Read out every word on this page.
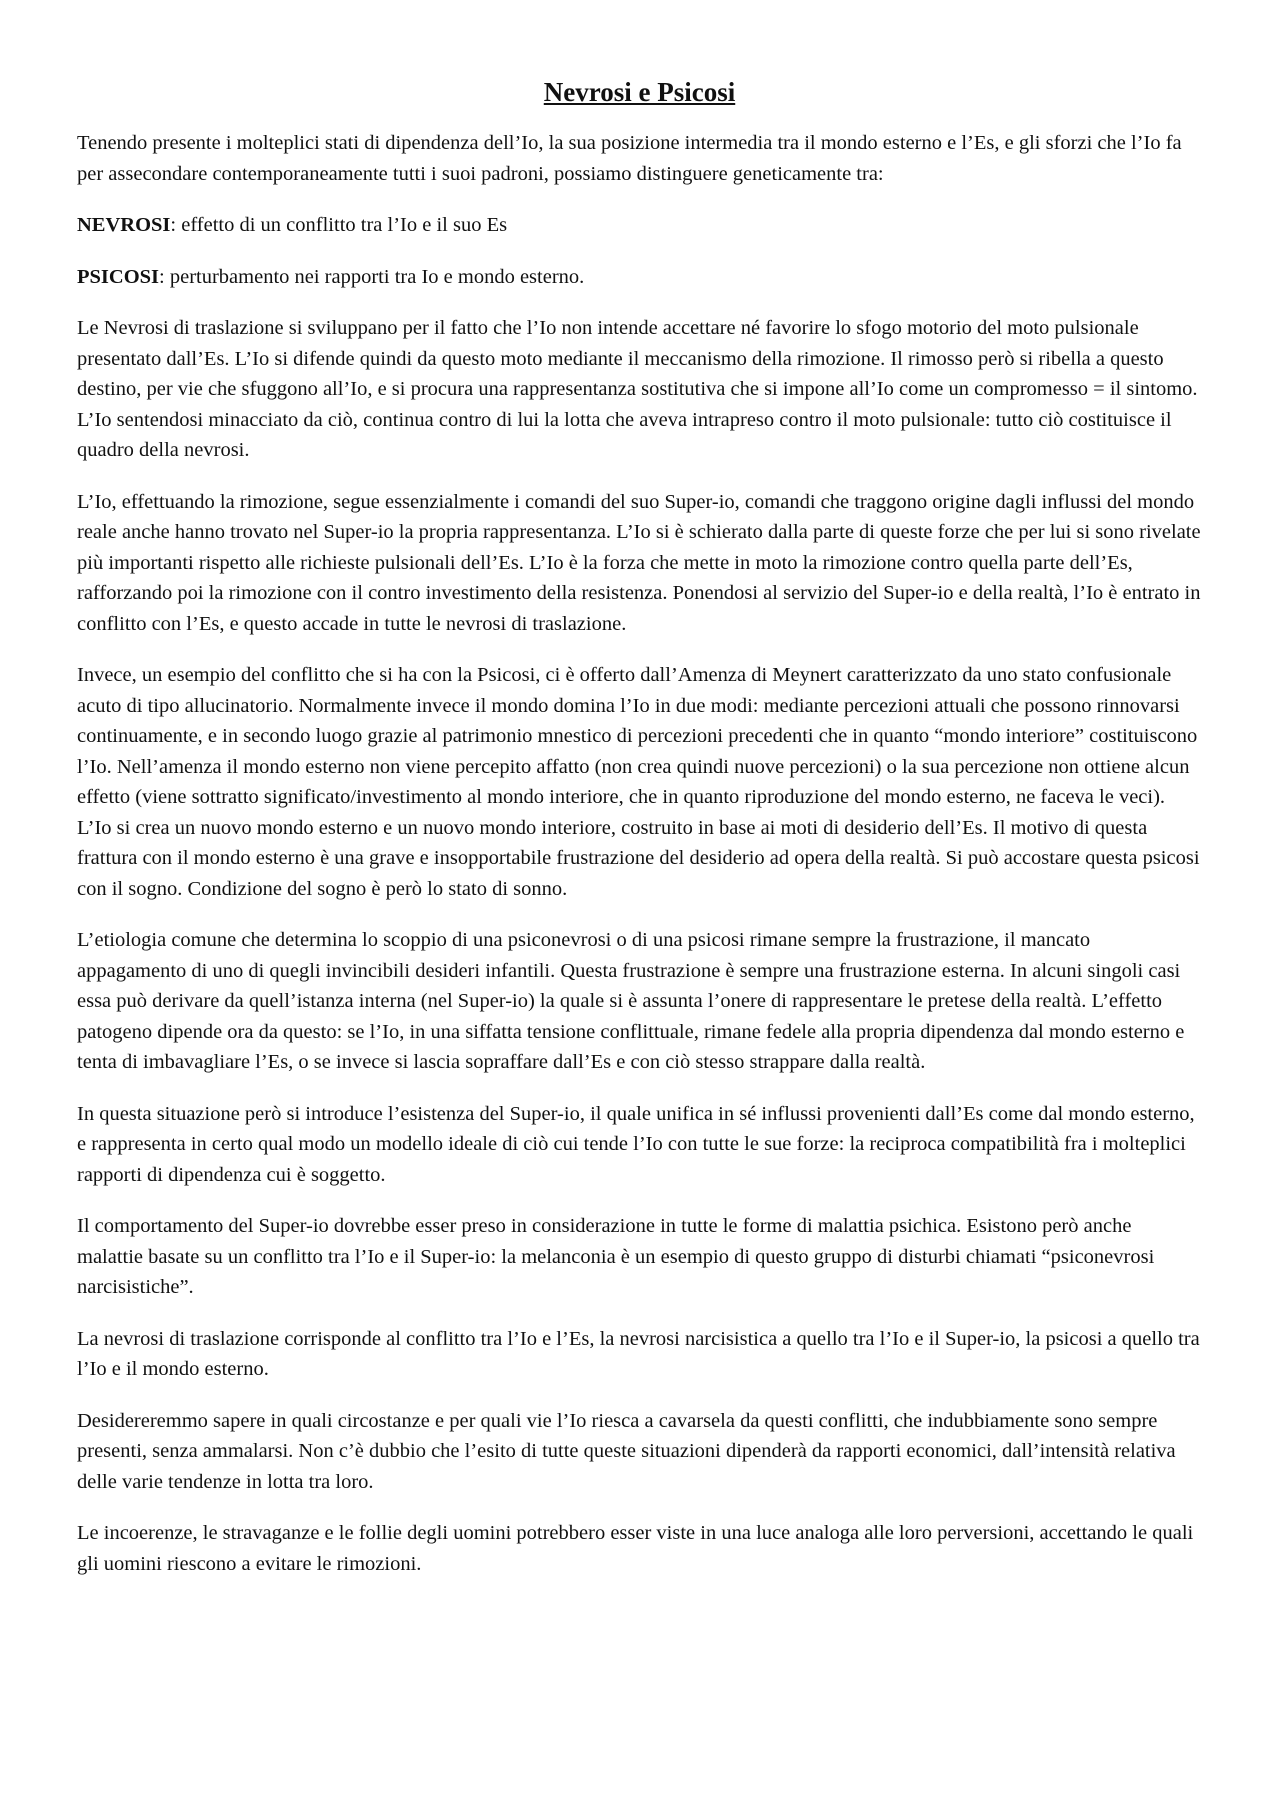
Nevrosi e Psicosi

Tenendo presente i molteplici stati di dipendenza dell’Io, la sua posizione intermedia tra il mondo esterno e l’Es, e gli sforzi che l’Io fa per assecondare contemporaneamente tutti i suoi padroni, possiamo distinguere geneticamente tra:

NEVROSI: effetto di un conflitto tra l’Io e il suo Es

PSICOSI: perturbamento nei rapporti tra Io e mondo esterno.

Le Nevrosi di traslazione si sviluppano per il fatto che l’Io non intende accettare né favorire lo sfogo motorio del moto pulsionale presentato dall’Es. L’Io si difende quindi da questo moto mediante il meccanismo della rimozione. Il rimosso però si ribella a questo destino, per vie che sfuggono all’Io, e si procura una rappresentanza sostitutiva che si impone all’Io come un compromesso = il sintomo. L’Io sentendosi minacciato da ciò, continua contro di lui la lotta che aveva intrapreso contro il moto pulsionale: tutto ciò costituisce il quadro della nevrosi.

L’Io, effettuando la rimozione, segue essenzialmente i comandi del suo Super-io, comandi che traggono origine dagli influssi del mondo reale anche hanno trovato nel Super-io la propria rappresentanza. L’Io si è schierato dalla parte di queste forze che per lui si sono rivelate più importanti rispetto alle richieste pulsionali dell’Es. L’Io è la forza che mette in moto la rimozione contro quella parte dell’Es, rafforzando poi la rimozione con il contro investimento della resistenza. Ponendosi al servizio del Super-io e della realtà, l’Io è entrato in conflitto con l’Es, e questo accade in tutte le nevrosi di traslazione.

Invece, un esempio del conflitto che si ha con la Psicosi, ci è offerto dall’Amenza di Meynert caratterizzato da uno stato confusionale acuto di tipo allucinatorio. Normalmente invece il mondo domina l’Io in due modi: mediante percezioni attuali che possono rinnovarsi continuamente, e in secondo luogo grazie al patrimonio mnestico di percezioni precedenti che in quanto “mondo interiore” costituiscono l’Io. Nell’amenza il mondo esterno non viene percepito affatto (non crea quindi nuove percezioni) o la sua percezione non ottiene alcun effetto (viene sottratto significato/investimento al mondo interiore, che in quanto riproduzione del mondo esterno, ne faceva le veci). L’Io si crea un nuovo mondo esterno e un nuovo mondo interiore, costruito in base ai moti di desiderio dell’Es. Il motivo di questa frattura con il mondo esterno è una grave e insopportabile frustrazione del desiderio ad opera della realtà. Si può accostare questa psicosi con il sogno. Condizione del sogno è però lo stato di sonno.

L’etiologia comune che determina lo scoppio di una psiconevrosi o di una psicosi rimane sempre la frustrazione, il mancato appagamento di uno di quegli invincibili desideri infantili. Questa frustrazione è sempre una frustrazione esterna. In alcuni singoli casi essa può derivare da quell’istanza interna (nel Super-io) la quale si è assunta l’onere di rappresentare le pretese della realtà. L’effetto patogeno dipende ora da questo: se l’Io, in una siffatta tensione conflittuale, rimane fedele alla propria dipendenza dal mondo esterno e tenta di imbavagliare l’Es, o se invece si lascia sopraffare dall’Es e con ciò stesso strappare dalla realtà.

In questa situazione però si introduce l’esistenza del Super-io, il quale unifica in sé influssi provenienti dall’Es come dal mondo esterno, e rappresenta in certo qual modo un modello ideale di ciò cui tende l’Io con tutte le sue forze: la reciproca compatibilità fra i molteplici rapporti di dipendenza cui è soggetto.

Il comportamento del Super-io dovrebbe esser preso in considerazione in tutte le forme di malattia psichica. Esistono però anche malattie basate su un conflitto tra l’Io e il Super-io: la melanconia è un esempio di questo gruppo di disturbi chiamati “psiconevrosi narcisistiche”.

La nevrosi di traslazione corrisponde al conflitto tra l’Io e l’Es, la nevrosi narcisistica a quello tra l’Io e il Super-io, la psicosi a quello tra l’Io e il mondo esterno.

Desidereremmo sapere in quali circostanze e per quali vie l’Io riesca a cavarsela da questi conflitti, che indubbiamente sono sempre presenti, senza ammalarsi. Non c’è dubbio che l’esito di tutte queste situazioni dipenderà da rapporti economici, dall’intensità relativa delle varie tendenze in lotta tra loro.

Le incoerenze, le stravaganze e le follie degli uomini potrebbero esser viste in una luce analoga alle loro perversioni, accettando le quali gli uomini riescono a evitare le rimozioni.
